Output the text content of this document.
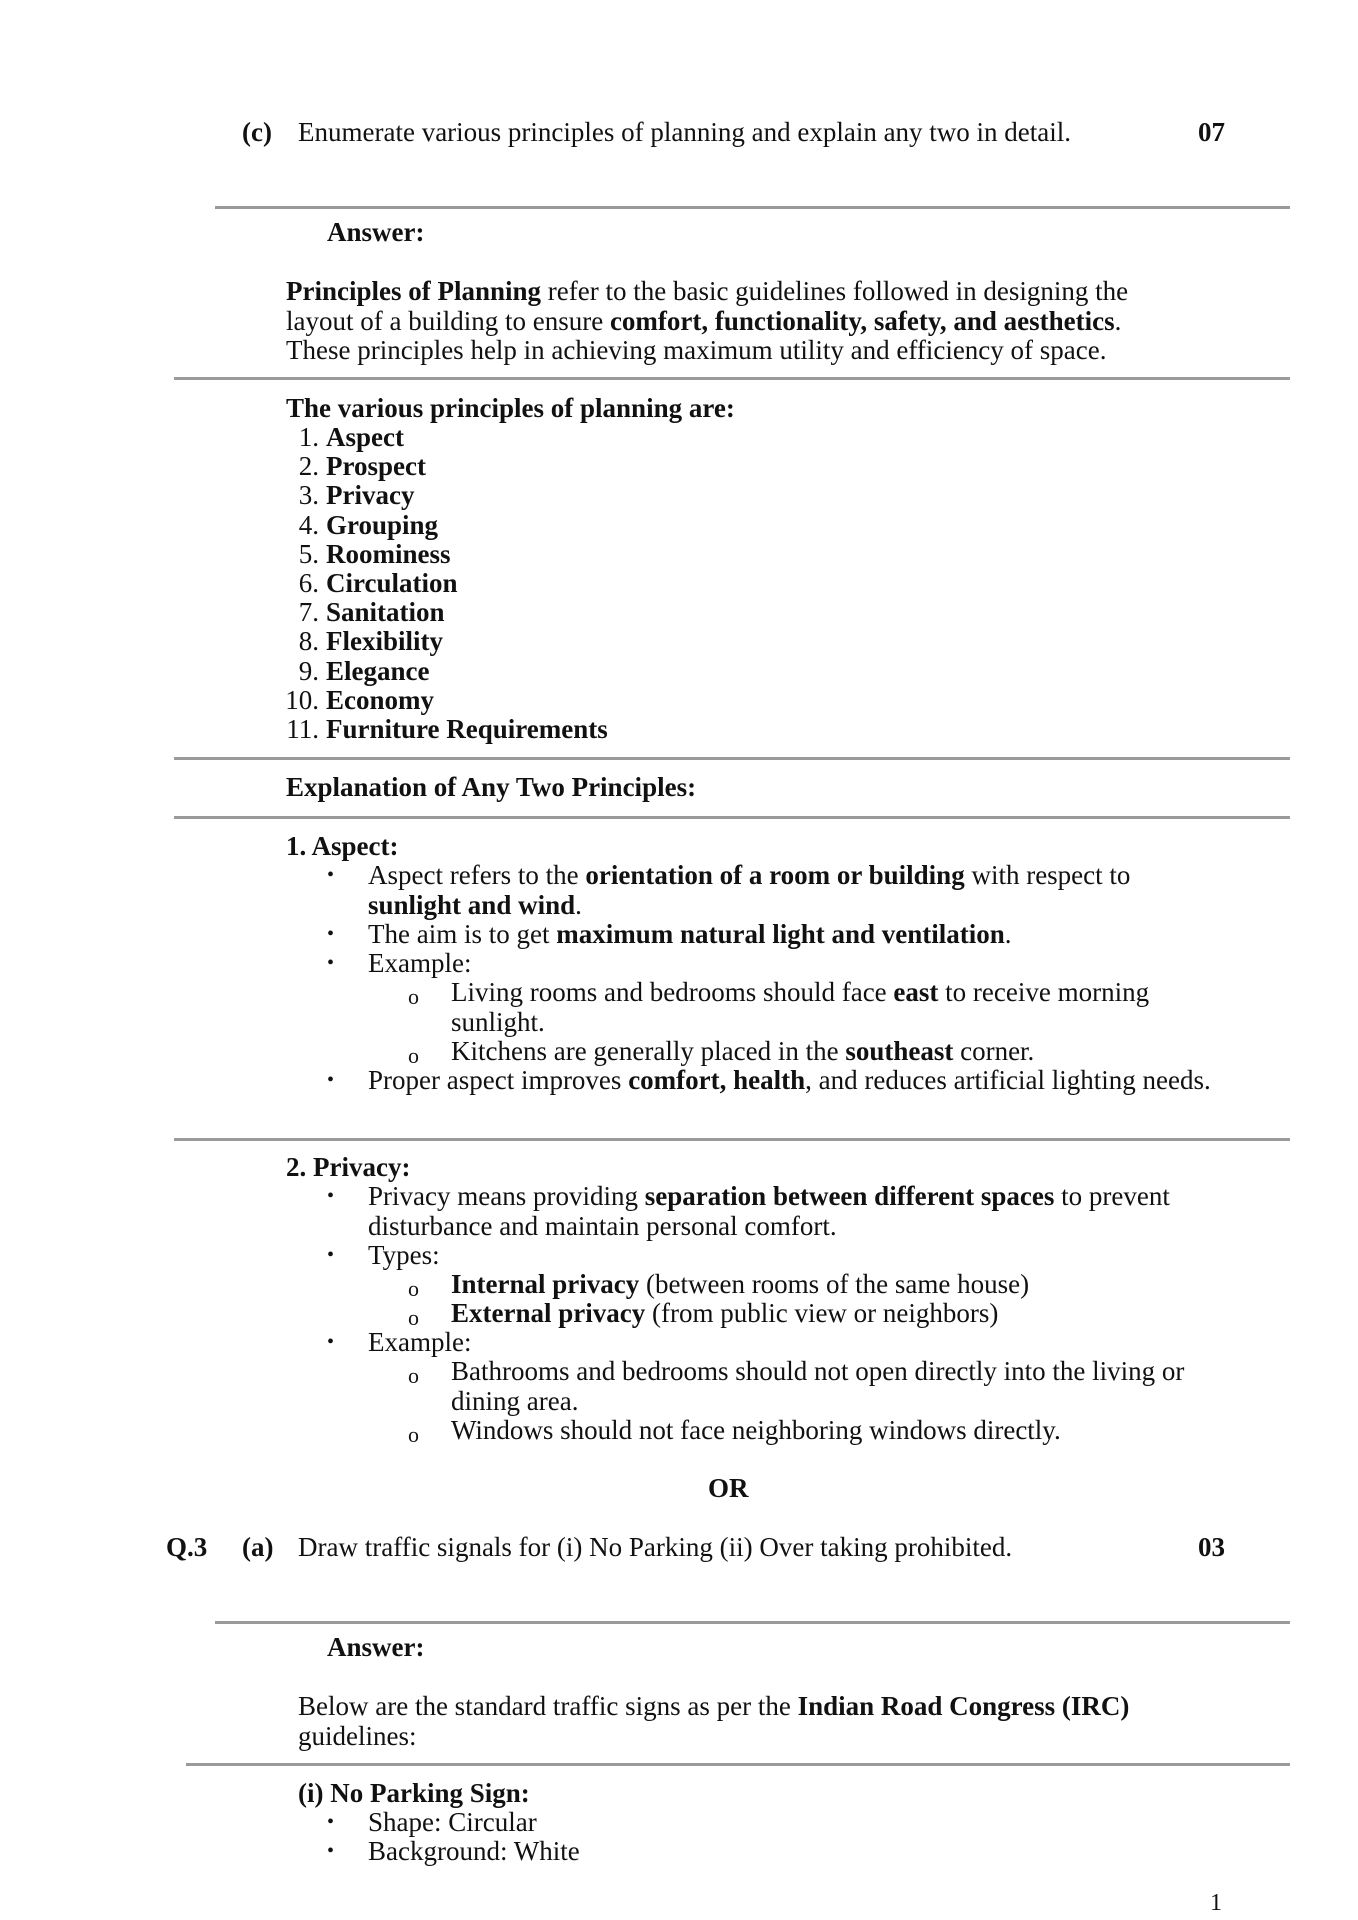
(c) Enumerate various principles of planning and explain any two in detail.	07
Answer:
Principles of Planning refer to the basic guidelines followed in designing the layout of a building to ensure comfort, functionality, safety, and aesthetics. These principles help in achieving maximum utility and efficiency of space.
The various principles of planning are:
1. Aspect
2. Prospect
3. Privacy
4. Grouping
5. Roominess
6. Circulation
7. Sanitation
8. Flexibility
9. Elegance
10. Economy
11. Furniture Requirements
Explanation of Any Two Principles:
1. Aspect:
• Aspect refers to the orientation of a room or building with respect to sunlight and wind.
• The aim is to get maximum natural light and ventilation.
• Example:
o Living rooms and bedrooms should face east to receive morning sunlight.
o Kitchens are generally placed in the southeast corner.
• Proper aspect improves comfort, health, and reduces artificial lighting needs.
2. Privacy:
• Privacy means providing separation between different spaces to prevent disturbance and maintain personal comfort.
• Types:
o Internal privacy (between rooms of the same house)
o External privacy (from public view or neighbors)
• Example:
o Bathrooms and bedrooms should not open directly into the living or dining area.
o Windows should not face neighboring windows directly.
OR
Q.3 (a) Draw traffic signals for (i) No Parking (ii) Over taking prohibited.	03
Answer:
Below are the standard traffic signs as per the Indian Road Congress (IRC) guidelines:
(i) No Parking Sign:
• Shape: Circular
• Background: White
1
